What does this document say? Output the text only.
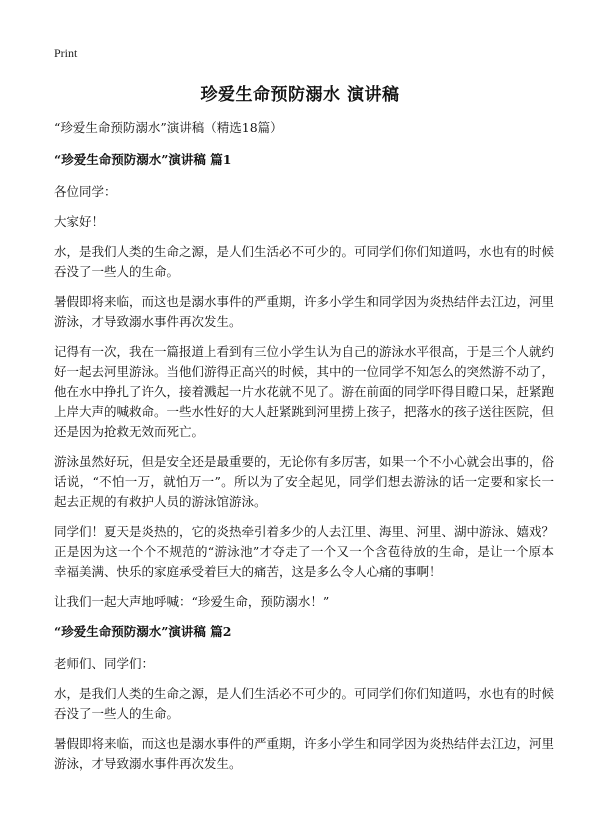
Print
珍爱生命预防溺水 演讲稿

“珍爱生命预防溺水”演讲稿（精选18篇）

“珍爱生命预防溺水”演讲稿 篇1

各位同学：

大家好！

水，是我们人类的生命之源，是人们生活必不可少的。可同学们你们知道吗，水也有的时候吞没了一些人的生命。

暑假即将来临，而这也是溺水事件的严重期，许多小学生和同学因为炎热结伴去江边，河里游泳，才导致溺水事件再次发生。

记得有一次，我在一篇报道上看到有三位小学生认为自己的游泳水平很高，于是三个人就约好一起去河里游泳。当他们游得正高兴的时候，其中的一位同学不知怎么的突然游不动了，他在水中挣扎了许久，接着溅起一片水花就不见了。游在前面的同学吓得目瞪口呆，赶紧跑上岸大声的喊救命。一些水性好的大人赶紧跳到河里捞上孩子，把落水的孩子送往医院，但还是因为抢救无效而死亡。

游泳虽然好玩，但是安全还是最重要的，无论你有多厉害，如果一个不小心就会出事的，俗话说，“不怕一万，就怕万一”。所以为了安全起见，同学们想去游泳的话一定要和家长一起去正规的有救护人员的游泳馆游泳。

同学们！夏天是炎热的，它的炎热牵引着多少的人去江里、海里、河里、湖中游泳、嬉戏？正是因为这一个个不规范的“游泳池”才夺走了一个又一个含苞待放的生命，是让一个原本幸福美满、快乐的家庭承受着巨大的痛苦，这是多么令人心痛的事啊！

让我们一起大声地呼喊：“珍爱生命，预防溺水！”

“珍爱生命预防溺水”演讲稿 篇2

老师们、同学们：

水，是我们人类的生命之源，是人们生活必不可少的。可同学们你们知道吗，水也有的时候吞没了一些人的生命。

暑假即将来临，而这也是溺水事件的严重期，许多小学生和同学因为炎热结伴去江边，河里游泳，才导致溺水事件再次发生。
